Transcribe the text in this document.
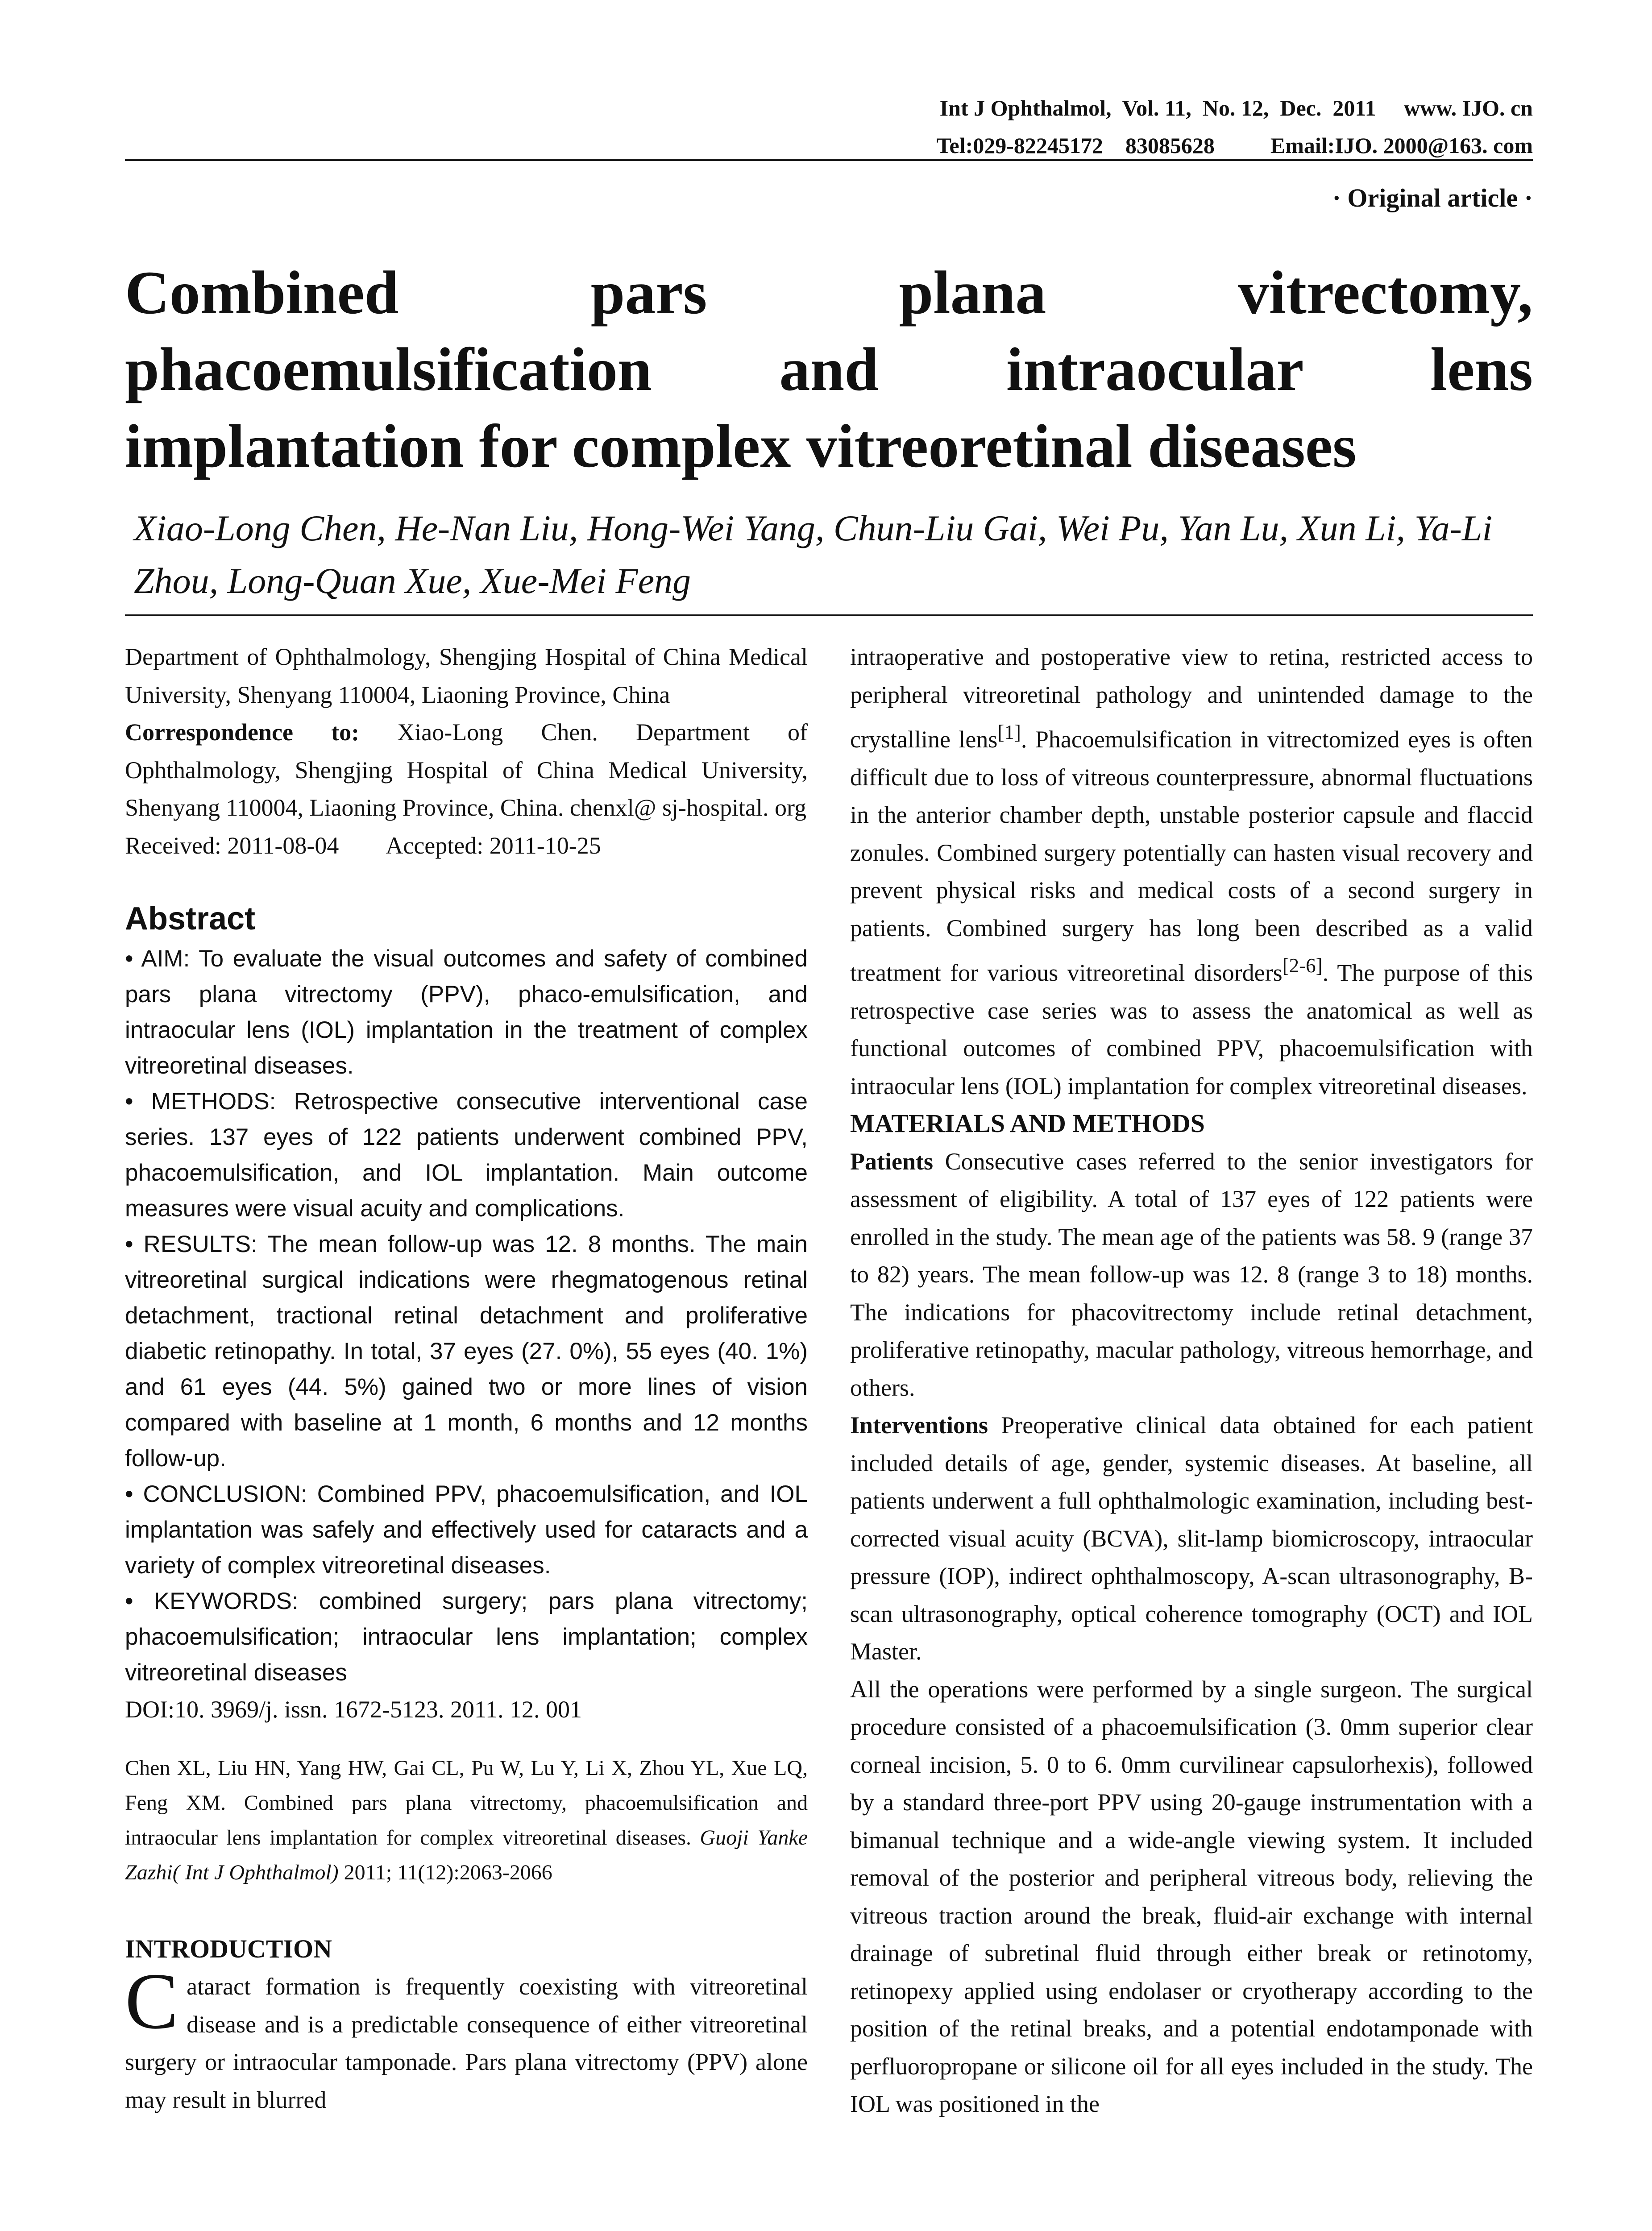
Int J Ophthalmol,  Vol. 11,  No. 12,  Dec.  2011     www. IJO. cn
Tel:029-82245172    83085628          Email:IJO. 2000@163. com
· Original article ·
Combined pars plana vitrectomy, phacoemulsification and intraocular lens implantation for complex vitreoretinal diseases
Xiao-Long Chen, He-Nan Liu, Hong-Wei Yang, Chun-Liu Gai, Wei Pu, Yan Lu, Xun Li, Ya-Li Zhou, Long-Quan Xue, Xue-Mei Feng

Department of Ophthalmology, Shengjing Hospital of China Medical University, Shenyang 110004, Liaoning Province, China

Correspondence to: Xiao-Long Chen. Department of Ophthalmology, Shengjing Hospital of China Medical University, Shenyang 110004, Liaoning Province, China. chenxl@ sj-hospital. org

Received: 2011-08-04        Accepted: 2011-10-25

Abstract

• AIM: To evaluate the visual outcomes and safety of combined pars plana vitrectomy (PPV), phaco-emulsification, and intraocular lens (IOL) implantation in the treatment of complex vitreoretinal diseases.

• METHODS: Retrospective consecutive interventional case series. 137 eyes of 122 patients underwent combined PPV, phacoemulsification, and IOL implantation. Main outcome measures were visual acuity and complications.

• RESULTS: The mean follow-up was 12. 8 months. The main vitreoretinal surgical indications were rhegmatogenous retinal detachment, tractional retinal detachment and proliferative diabetic retinopathy. In total, 37 eyes (27. 0%), 55 eyes (40. 1%) and 61 eyes (44. 5%) gained two or more lines of vision compared with baseline at 1 month, 6 months and 12 months follow-up.

• CONCLUSION: Combined PPV, phacoemulsification, and IOL implantation was safely and effectively used for cataracts and a variety of complex vitreoretinal diseases.

• KEYWORDS: combined surgery; pars plana vitrectomy; phacoemulsification; intraocular lens implantation; complex vitreoretinal diseases

DOI:10. 3969/j. issn. 1672-5123. 2011. 12. 001

Chen XL, Liu HN, Yang HW, Gai CL, Pu W, Lu Y, Li X, Zhou YL, Xue LQ, Feng XM. Combined pars plana vitrectomy, phacoemulsification and intraocular lens implantation for complex vitreoretinal diseases. Guoji Yanke Zazhi( Int J Ophthalmol) 2011; 11(12):2063-2066

INTRODUCTION

Cataract formation is frequently coexisting with vitreoretinal disease and is a predictable consequence of either vitreoretinal surgery or intraocular tamponade. Pars plana vitrectomy (PPV) alone may result in blurred

intraoperative and postoperative view to retina, restricted access to peripheral vitreoretinal pathology and unintended damage to the crystalline lens[1]. Phacoemulsification in vitrectomized eyes is often difficult due to loss of vitreous counterpressure, abnormal fluctuations in the anterior chamber depth, unstable posterior capsule and flaccid zonules. Combined surgery potentially can hasten visual recovery and prevent physical risks and medical costs of a second surgery in patients. Combined surgery has long been described as a valid treatment for various vitreoretinal disorders[2-6]. The purpose of this retrospective case series was to assess the anatomical as well as functional outcomes of combined PPV, phacoemulsification with intraocular lens (IOL) implantation for complex vitreoretinal diseases.

MATERIALS AND METHODS

Patients Consecutive cases referred to the senior investigators for assessment of eligibility. A total of 137 eyes of 122 patients were enrolled in the study. The mean age of the patients was 58. 9 (range 37 to 82) years. The mean follow-up was 12. 8 (range 3 to 18) months. The indications for phacovitrectomy include retinal detachment, proliferative retinopathy, macular pathology, vitreous hemorrhage, and others.

Interventions Preoperative clinical data obtained for each patient included details of age, gender, systemic diseases. At baseline, all patients underwent a full ophthalmologic examination, including best-corrected visual acuity (BCVA), slit-lamp biomicroscopy, intraocular pressure (IOP), indirect ophthalmoscopy, A-scan ultrasonography, B-scan ultrasonography, optical coherence tomography (OCT) and IOL Master.

All the operations were performed by a single surgeon. The surgical procedure consisted of a phacoemulsification (3. 0mm superior clear corneal incision, 5. 0 to 6. 0mm curvilinear capsulorhexis), followed by a standard three-port PPV using 20-gauge instrumentation with a bimanual technique and a wide-angle viewing system. It included removal of the posterior and peripheral vitreous body, relieving the vitreous traction around the break, fluid-air exchange with internal drainage of subretinal fluid through either break or retinotomy, retinopexy applied using endolaser or cryotherapy according to the position of the retinal breaks, and a potential endotamponade with perfluoropropane or silicone oil for all eyes included in the study. The IOL was positioned in the
